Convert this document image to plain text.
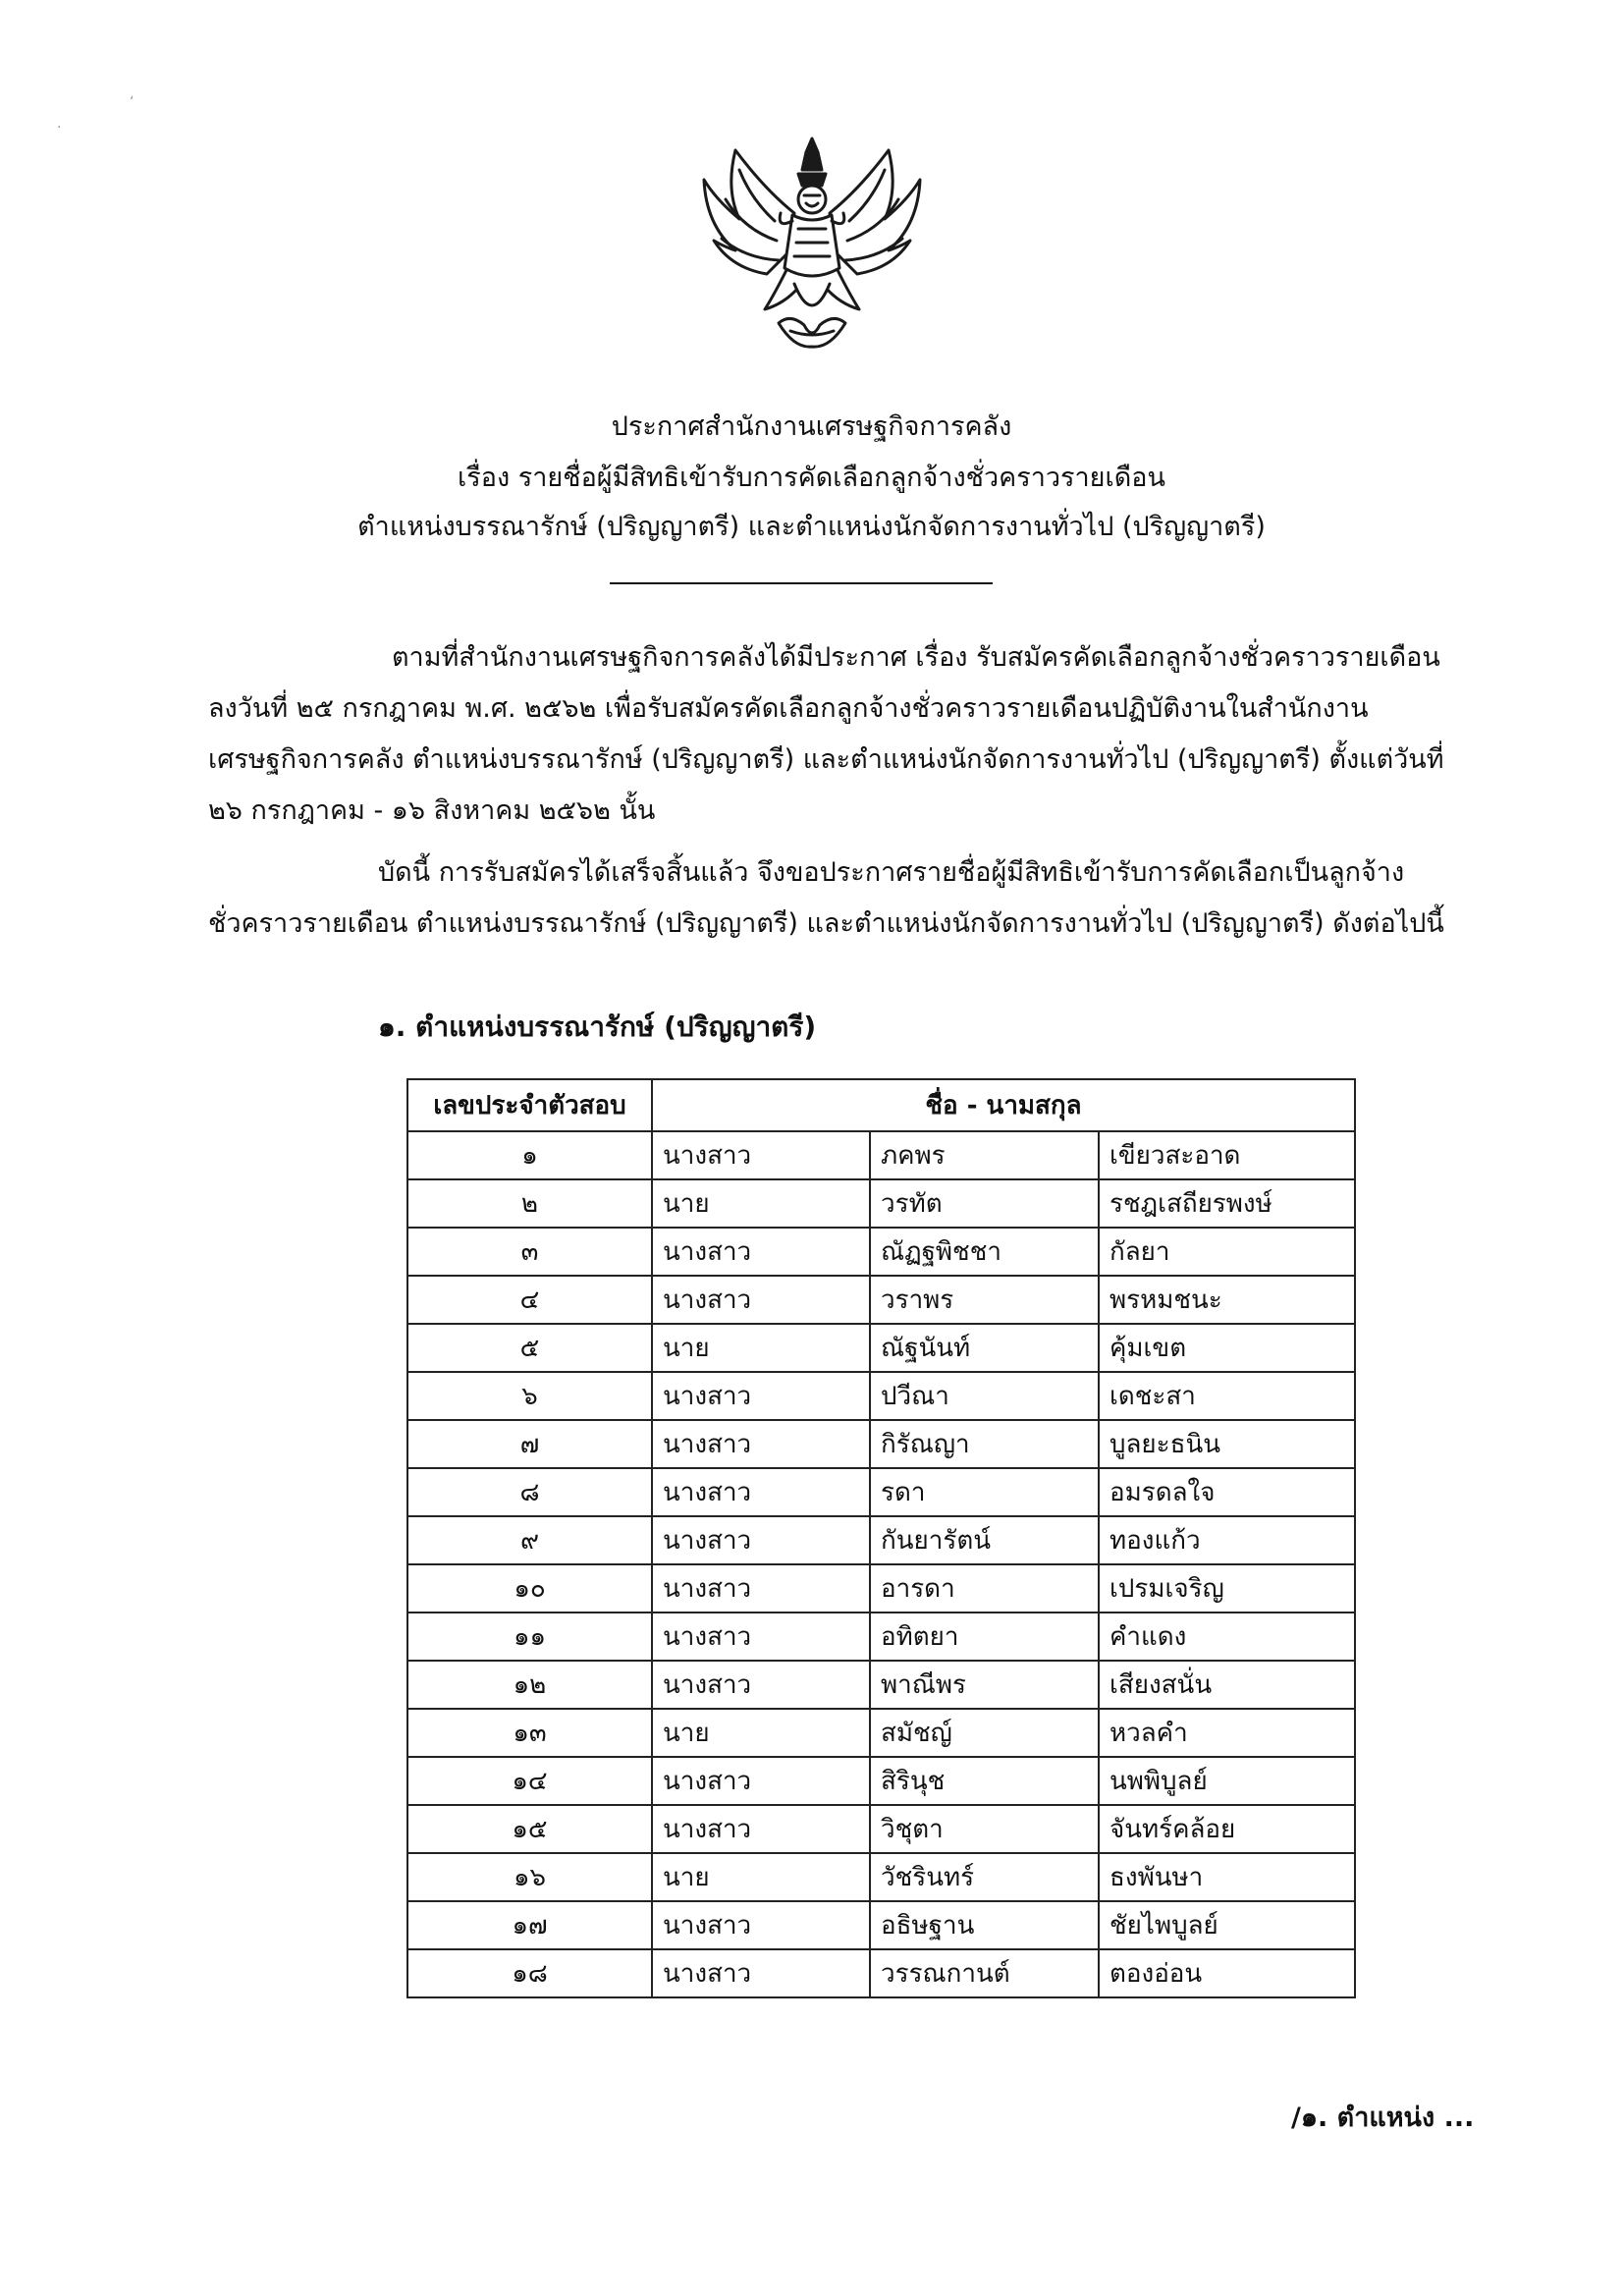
ʻ
·
ประกาศสำนักงานเศรษฐกิจการคลัง
เรื่อง รายชื่อผู้มีสิทธิเข้ารับการคัดเลือกลูกจ้างชั่วคราวรายเดือน
ตำแหน่งบรรณารักษ์ (ปริญญาตรี) และตำแหน่งนักจัดการงานทั่วไป (ปริญญาตรี)
ตามที่สำนักงานเศรษฐกิจการคลังได้มีประกาศ เรื่อง รับสมัครคัดเลือกลูกจ้างชั่วคราวรายเดือน
ลงวันที่ ๒๕ กรกฎาคม พ.ศ. ๒๕๖๒ เพื่อรับสมัครคัดเลือกลูกจ้างชั่วคราวรายเดือนปฏิบัติงานในสำนักงาน
เศรษฐกิจการคลัง ตำแหน่งบรรณารักษ์ (ปริญญาตรี) และตำแหน่งนักจัดการงานทั่วไป (ปริญญาตรี) ตั้งแต่วันที่
๒๖ กรกฎาคม - ๑๖ สิงหาคม ๒๕๖๒ นั้น
บัดนี้ การรับสมัครได้เสร็จสิ้นแล้ว จึงขอประกาศรายชื่อผู้มีสิทธิเข้ารับการคัดเลือกเป็นลูกจ้าง
ชั่วคราวรายเดือน ตำแหน่งบรรณารักษ์ (ปริญญาตรี) และตำแหน่งนักจัดการงานทั่วไป (ปริญญาตรี) ดังต่อไปนี้
๑. ตำแหน่งบรรณารักษ์ (ปริญญาตรี)
เลขประจำตัวสอบ	ชื่อ - นามสกุล		
๑	นางสาว	ภคพร	เขียวสะอาด
๒	นาย	วรทัต	รชฎเสถียรพงษ์
๓	นางสาว	ณัฏฐพิชชา	กัลยา
๔	นางสาว	วราพร	พรหมชนะ
๕	นาย	ณัฐนันท์	คุ้มเขต
๖	นางสาว	ปวีณา	เดชะสา
๗	นางสาว	กิรัณญา	บูลยะธนิน
๘	นางสาว	รดา	อมรดลใจ
๙	นางสาว	กันยารัตน์	ทองแก้ว
๑๐	นางสาว	อารดา	เปรมเจริญ
๑๑	นางสาว	อทิตยา	คำแดง
๑๒	นางสาว	พาณีพร	เสียงสนั่น
๑๓	นาย	สมัชญ์	หวลคำ
๑๔	นางสาว	สิรินุช	นพพิบูลย์
๑๕	นางสาว	วิชุตา	จันทร์คล้อย
๑๖	นาย	วัชรินทร์	ธงพันษา
๑๗	นางสาว	อธิษฐาน	ชัยไพบูลย์
๑๘	นางสาว	วรรณกานต์	ตองอ่อน
/๑. ตำแหน่ง ...
